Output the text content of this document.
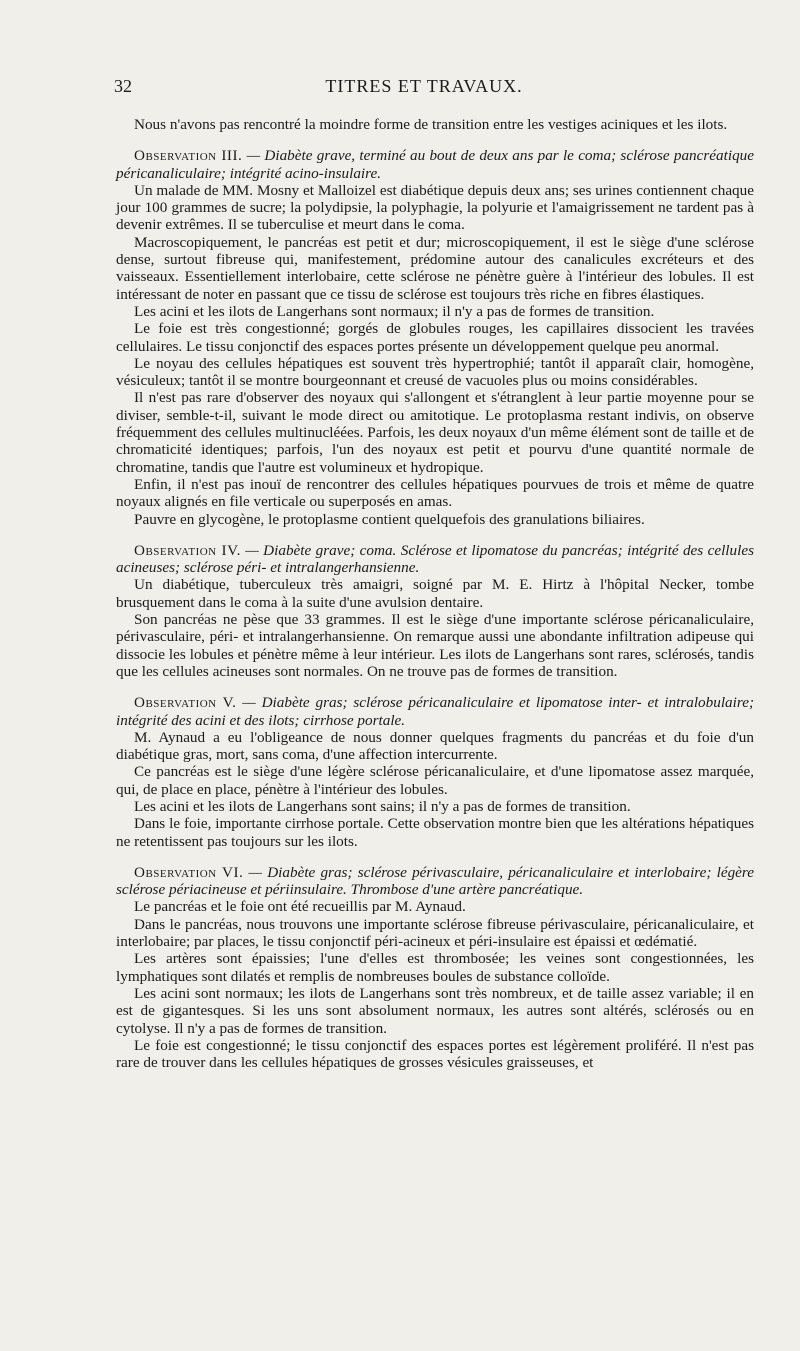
32	TITRES ET TRAVAUX.

Nous n'avons pas rencontré la moindre forme de transition entre les vestiges aciniques et les ilots.

Observation III. — Diabète grave, terminé au bout de deux ans par le coma; sclérose pancréatique péricanaliculaire; intégrité acino-insulaire.

Un malade de MM. Mosny et Malloizel est diabétique depuis deux ans; ses urines contiennent chaque jour 100 grammes de sucre; la polydipsie, la polyphagie, la polyurie et l'amaigrissement ne tardent pas à devenir extrêmes. Il se tuberculise et meurt dans le coma.

Macroscopiquement, le pancréas est petit et dur; microscopiquement, il est le siège d'une sclérose dense, surtout fibreuse qui, manifestement, prédomine autour des canalicules excréteurs et des vaisseaux. Essentiellement interlobaire, cette sclérose ne pénètre guère à l'intérieur des lobules. Il est intéressant de noter en passant que ce tissu de sclérose est toujours très riche en fibres élastiques.

Les acini et les ilots de Langerhans sont normaux; il n'y a pas de formes de transition.

Le foie est très congestionné; gorgés de globules rouges, les capillaires dissocient les travées cellulaires. Le tissu conjonctif des espaces portes présente un développement quelque peu anormal.

Le noyau des cellules hépatiques est souvent très hypertrophié; tantôt il apparaît clair, homogène, vésiculeux; tantôt il se montre bourgeonnant et creusé de vacuoles plus ou moins considérables.

Il n'est pas rare d'observer des noyaux qui s'allongent et s'étranglent à leur partie moyenne pour se diviser, semble-t-il, suivant le mode direct ou amitotique. Le protoplasma restant indivis, on observe fréquemment des cellules multinucléées. Parfois, les deux noyaux d'un même élément sont de taille et de chromaticité identiques; parfois, l'un des noyaux est petit et pourvu d'une quantité normale de chromatine, tandis que l'autre est volumineux et hydropique.

Enfin, il n'est pas inouï de rencontrer des cellules hépatiques pourvues de trois et même de quatre noyaux alignés en file verticale ou superposés en amas.

Pauvre en glycogène, le protoplasme contient quelquefois des granulations biliaires.

Observation IV. — Diabète grave; coma. Sclérose et lipomatose du pancréas; intégrité des cellules acineuses; sclérose péri- et intralangerhansienne.

Un diabétique, tuberculeux très amaigri, soigné par M. E. Hirtz à l'hôpital Necker, tombe brusquement dans le coma à la suite d'une avulsion dentaire.

Son pancréas ne pèse que 33 grammes. Il est le siège d'une importante sclérose péricanaliculaire, périvasculaire, péri- et intralangerhansienne. On remarque aussi une abondante infiltration adipeuse qui dissocie les lobules et pénètre même à leur intérieur. Les ilots de Langerhans sont rares, sclérosés, tandis que les cellules acineuses sont normales. On ne trouve pas de formes de transition.

Observation V. — Diabète gras; sclérose péricanaliculaire et lipomatose inter- et intralobulaire; intégrité des acini et des ilots; cirrhose portale.

M. Aynaud a eu l'obligeance de nous donner quelques fragments du pancréas et du foie d'un diabétique gras, mort, sans coma, d'une affection intercurrente.

Ce pancréas est le siège d'une légère sclérose péricanaliculaire, et d'une lipomatose assez marquée, qui, de place en place, pénètre à l'intérieur des lobules.

Les acini et les ilots de Langerhans sont sains; il n'y a pas de formes de transition.

Dans le foie, importante cirrhose portale. Cette observation montre bien que les altérations hépatiques ne retentissent pas toujours sur les ilots.

Observation VI. — Diabète gras; sclérose périvasculaire, péricanaliculaire et interlobaire; légère sclérose périacineuse et périinsulaire. Thrombose d'une artère pancréatique.

Le pancréas et le foie ont été recueillis par M. Aynaud.

Dans le pancréas, nous trouvons une importante sclérose fibreuse périvasculaire, péricanaliculaire, et interlobaire; par places, le tissu conjonctif péri-acineux et péri-insulaire est épaissi et œdématié.

Les artères sont épaissies; l'une d'elles est thrombosée; les veines sont congestionnées, les lymphatiques sont dilatés et remplis de nombreuses boules de substance colloïde.

Les acini sont normaux; les ilots de Langerhans sont très nombreux, et de taille assez variable; il en est de gigantesques. Si les uns sont absolument normaux, les autres sont altérés, sclérosés ou en cytolyse. Il n'y a pas de formes de transition.

Le foie est congestionné; le tissu conjonctif des espaces portes est légèrement proliféré. Il n'est pas rare de trouver dans les cellules hépatiques de grosses vésicules graisseuses, et
